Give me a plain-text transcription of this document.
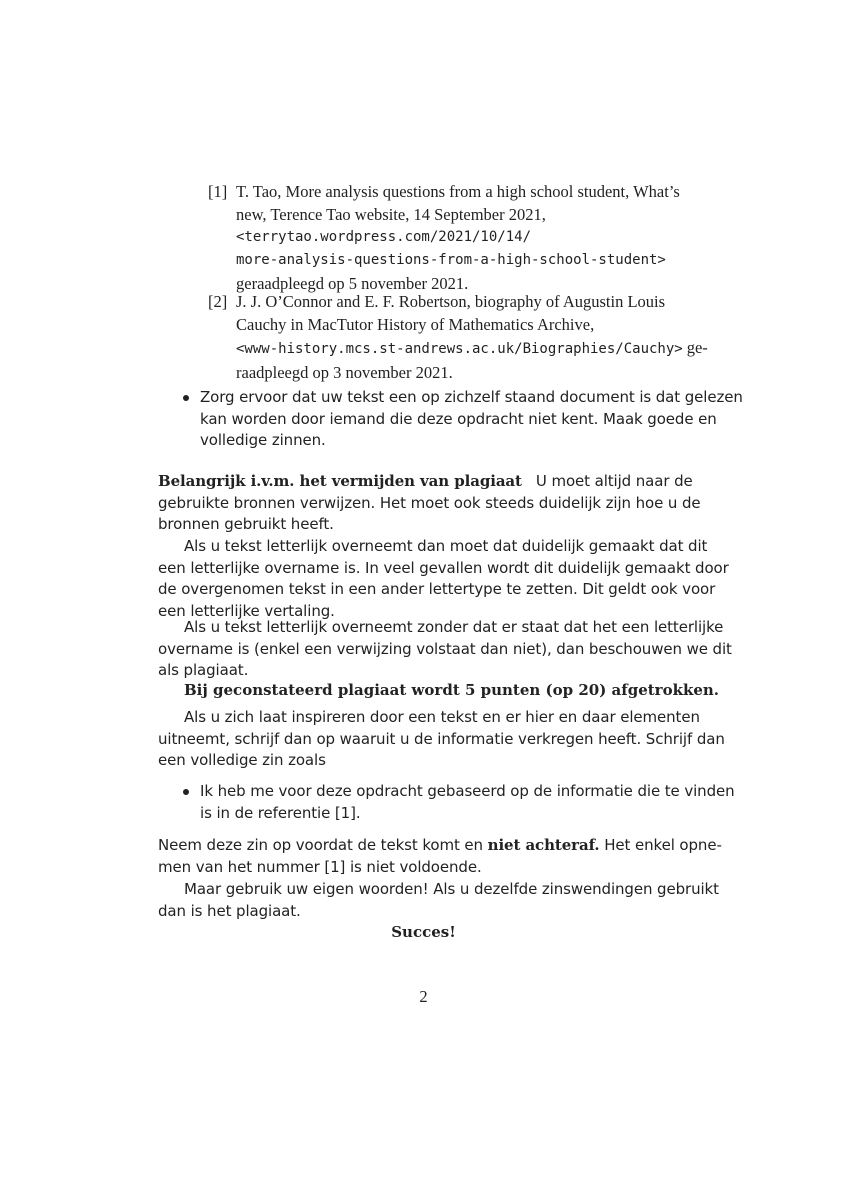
[1] T. Tao, More analysis questions from a high school student, What’s
new, Terence Tao website, 14 September 2021,
<terrytao.wordpress.com/2021/10/14/
more-analysis-questions-from-a-high-school-student>
geraadpleegd op 5 november 2021.
[2] J. J. O’Connor and E. F. Robertson, biography of Augustin Louis
Cauchy in MacTutor History of Mathematics Archive,
<www-history.mcs.st-andrews.ac.uk/Biographies/Cauchy> ge-
raadpleegd op 3 november 2021.
Zorg ervoor dat uw tekst een op zichzelf staand document is dat gelezen
kan worden door iemand die deze opdracht niet kent. Maak goede en
volledige zinnen.
Belangrijk i.v.m. het vermijden van plagiaat U moet altijd naar de
gebruikte bronnen verwijzen. Het moet ook steeds duidelijk zijn hoe u de
bronnen gebruikt heeft.
Als u tekst letterlijk overneemt dan moet dat duidelijk gemaakt dat dit
een letterlijke overname is. In veel gevallen wordt dit duidelijk gemaakt door
de overgenomen tekst in een ander lettertype te zetten. Dit geldt ook voor
een letterlijke vertaling.
Als u tekst letterlijk overneemt zonder dat er staat dat het een letterlijke
overname is (enkel een verwijzing volstaat dan niet), dan beschouwen we dit
als plagiaat.
Bij geconstateerd plagiaat wordt 5 punten (op 20) afgetrokken.
Als u zich laat inspireren door een tekst en er hier en daar elementen
uitneemt, schrijf dan op waaruit u de informatie verkregen heeft. Schrijf dan
een volledige zin zoals
Ik heb me voor deze opdracht gebaseerd op de informatie die te vinden
is in de referentie [1].
Neem deze zin op voordat de tekst komt en niet achteraf. Het enkel opne-
men van het nummer [1] is niet voldoende.
Maar gebruik uw eigen woorden! Als u dezelfde zinswendingen gebruikt
dan is het plagiaat.
Succes!
2
